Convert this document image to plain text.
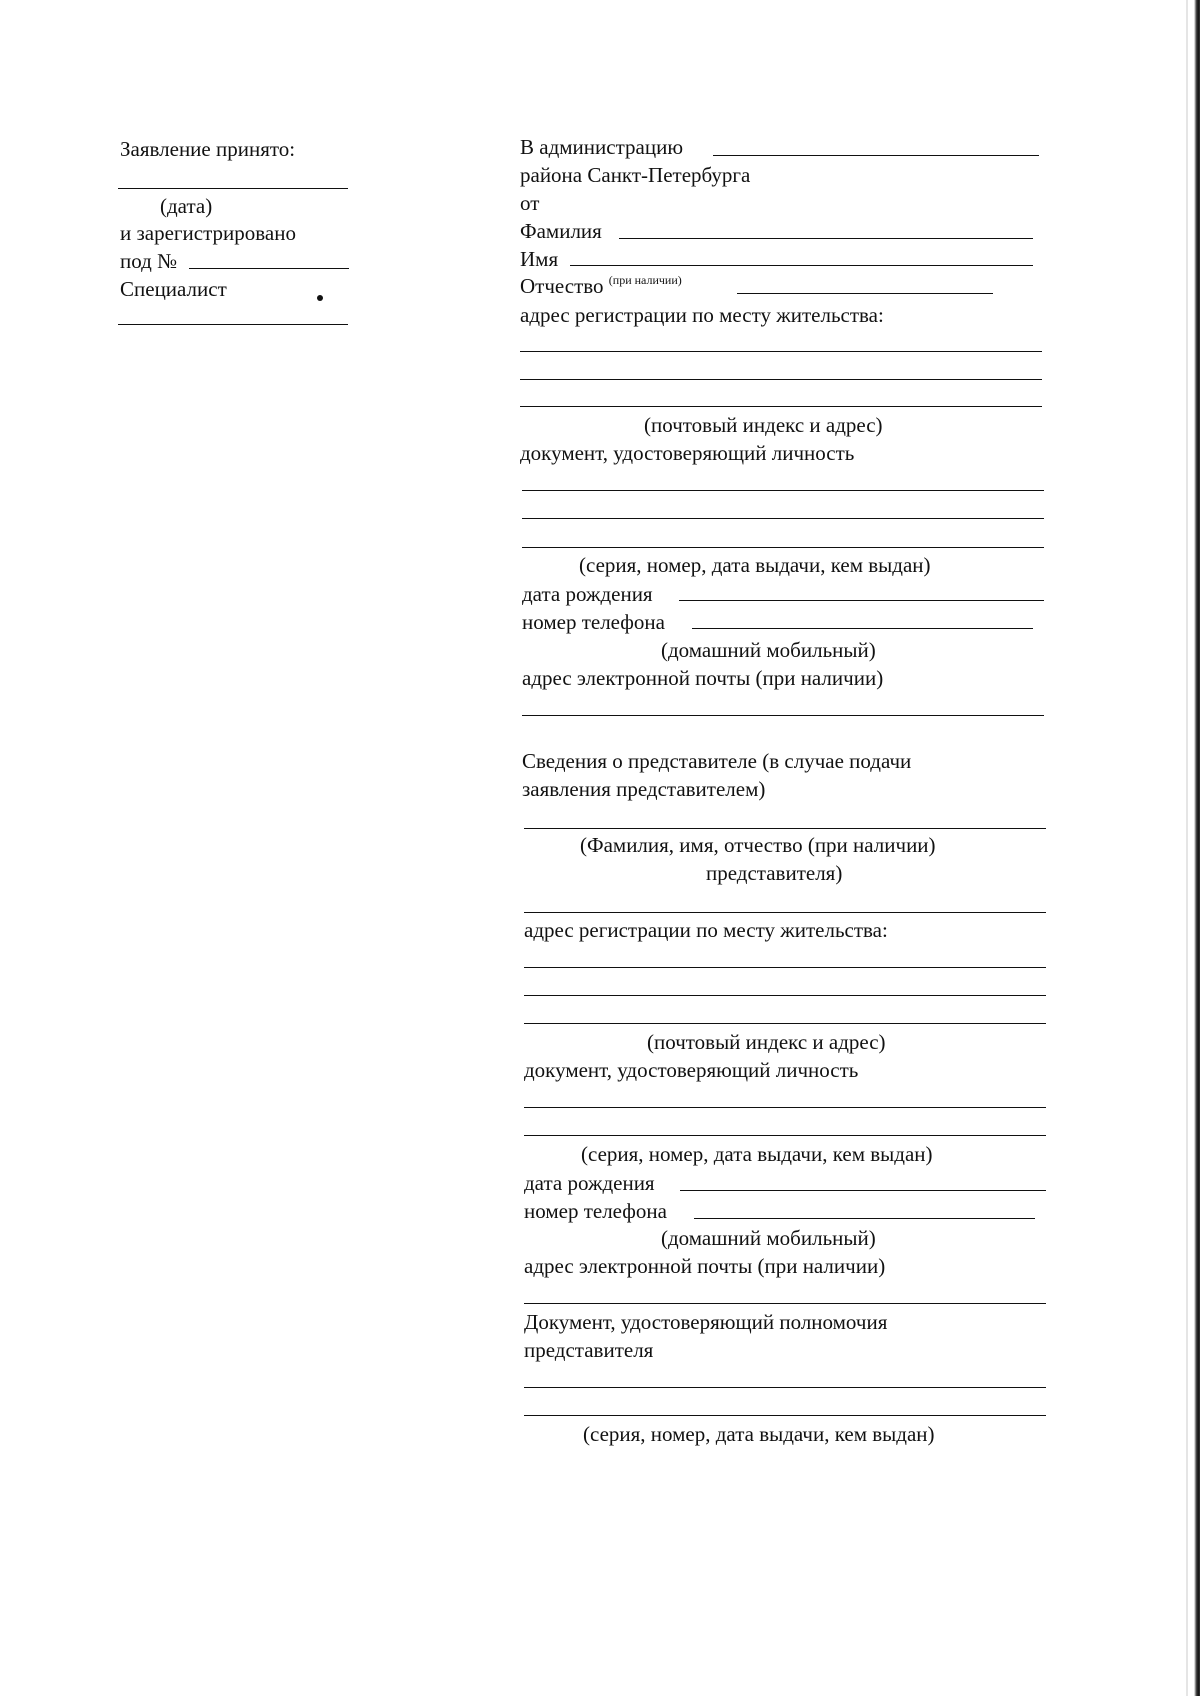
Заявление принято:
(дата)
и зарегистрировано
под №
Специалист
В администрацию
района Санкт-Петербурга
от
Фамилия
Имя
Отчество $^{(при наличии)}$
адрес регистрации по месту жительства:
(почтовый индекс и адрес)
документ, удостоверяющий личность
(серия, номер, дата выдачи, кем выдан)
дата рождения
номер телефона
(домашний мобильный)
адрес электронной почты (при наличии)
Сведения о представителе (в случае подачи
заявления представителем)
(Фамилия, имя, отчество (при наличии)
представителя)
адрес регистрации по месту жительства:
(почтовый индекс и адрес)
документ, удостоверяющий личность
(серия, номер, дата выдачи, кем выдан)
дата рождения
номер телефона
(домашний мобильный)
адрес электронной почты (при наличии)
Документ, удостоверяющий полномочия
представителя
(серия, номер, дата выдачи, кем выдан)
